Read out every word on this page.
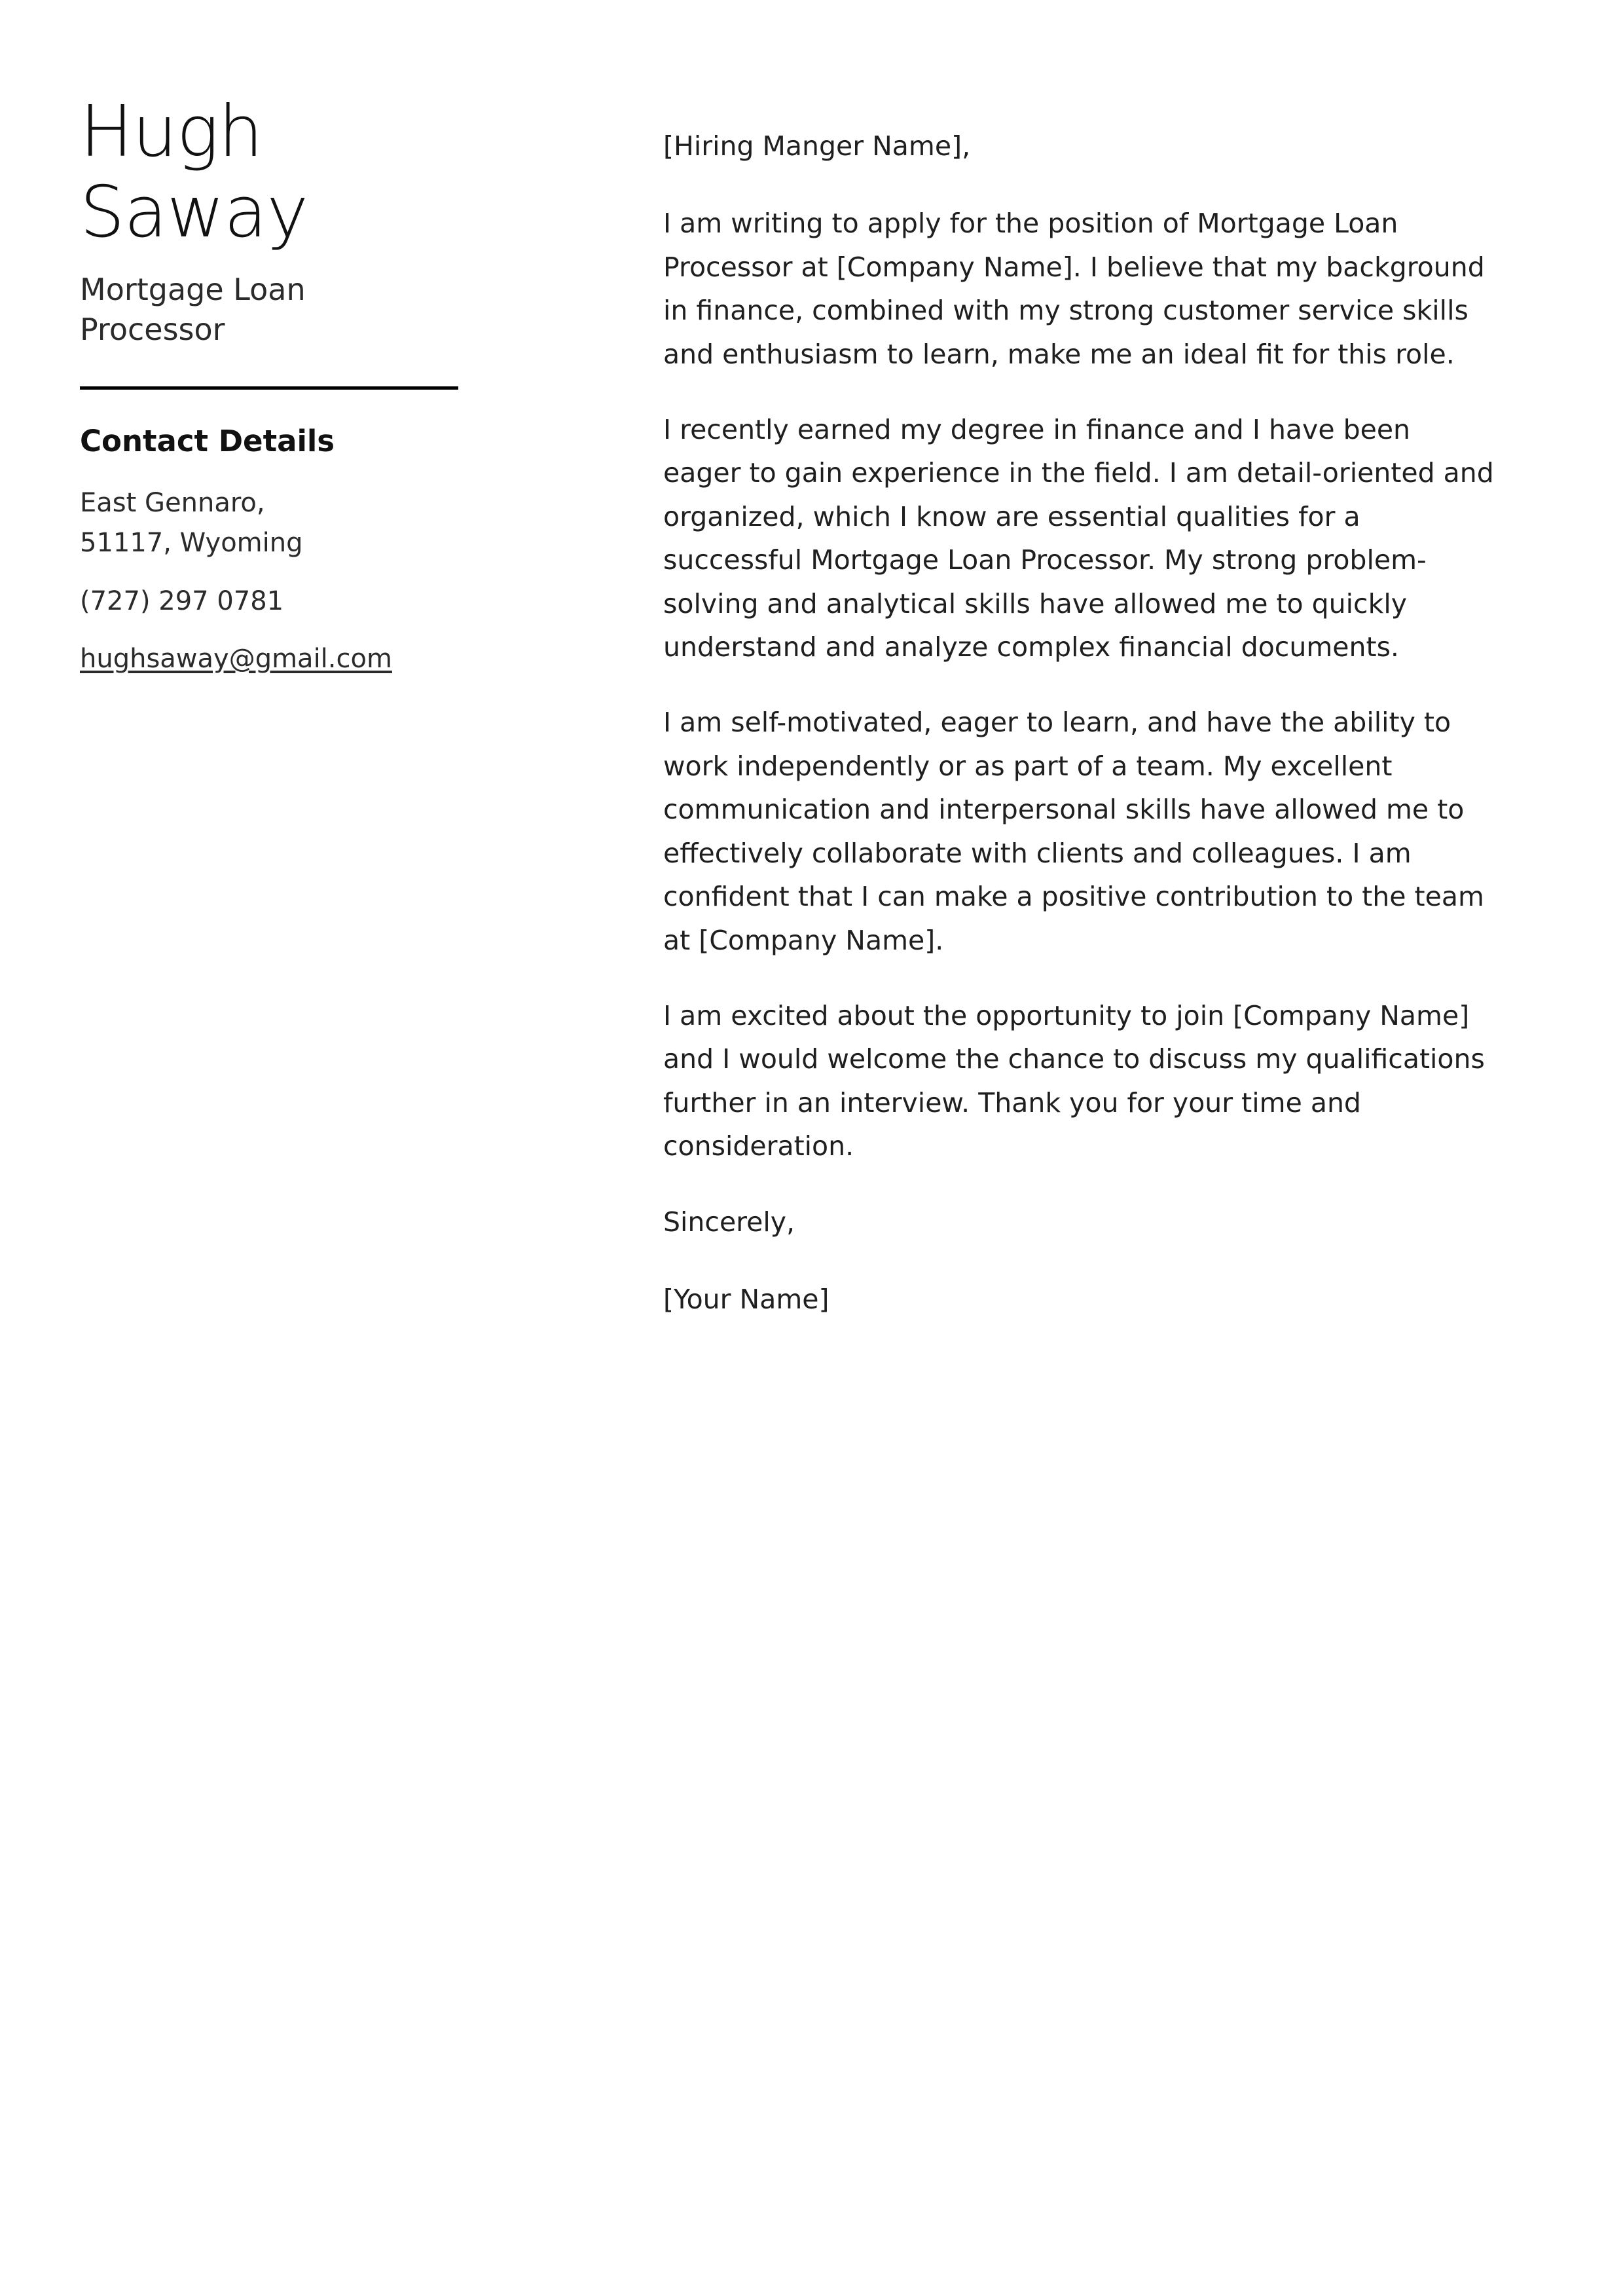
Hugh
Saway
Mortgage Loan Processor
Contact Details
East Gennaro, 51117, Wyoming
(727) 297 0781
hughsaway@gmail.com

[Hiring Manger Name],

I am writing to apply for the position of Mortgage Loan Processor at [Company Name]. I believe that my background in finance, combined with my strong customer service skills and enthusiasm to learn, make me an ideal fit for this role.

I recently earned my degree in finance and I have been eager to gain experience in the field. I am detail-oriented and organized, which I know are essential qualities for a successful Mortgage Loan Processor. My strong problem-solving and analytical skills have allowed me to quickly understand and analyze complex financial documents.

I am self-motivated, eager to learn, and have the ability to work independently or as part of a team. My excellent communication and interpersonal skills have allowed me to effectively collaborate with clients and colleagues. I am confident that I can make a positive contribution to the team at [Company Name].

I am excited about the opportunity to join [Company Name] and I would welcome the chance to discuss my qualifications further in an interview. Thank you for your time and consideration.

Sincerely,

[Your Name]
